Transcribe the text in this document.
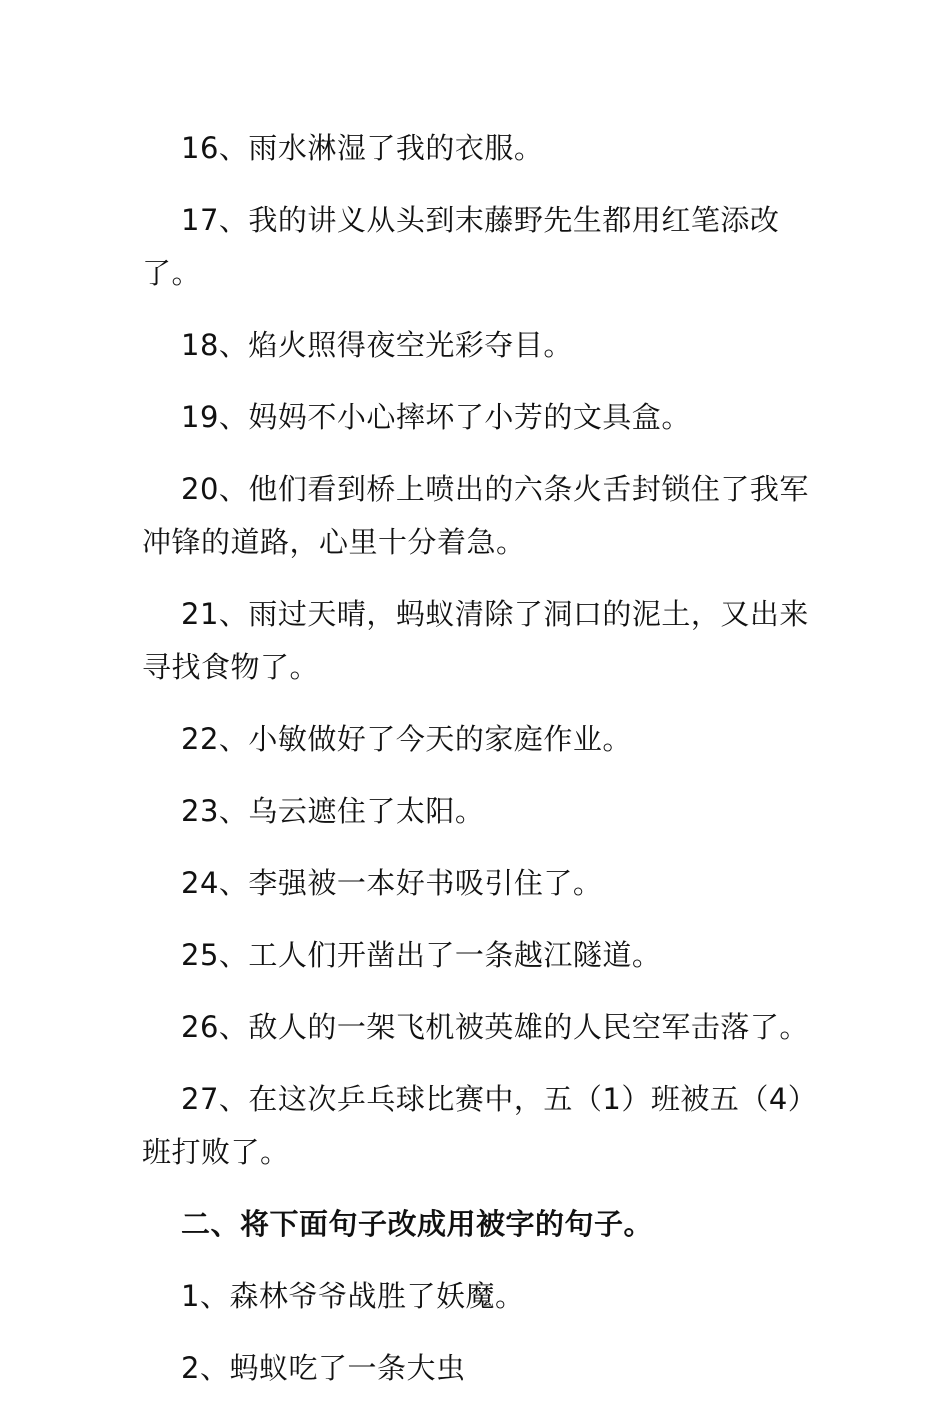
16、雨水淋湿了我的衣服。

17、我的讲义从头到末藤野先生都用红笔添改了。

18、焰火照得夜空光彩夺目。

19、妈妈不小心摔坏了小芳的文具盒。

20、他们看到桥上喷出的六条火舌封锁住了我军冲锋的道路，心里十分着急。

21、雨过天晴，蚂蚁清除了洞口的泥土，又出来寻找食物了。

22、小敏做好了今天的家庭作业。

23、乌云遮住了太阳。

24、李强被一本好书吸引住了。

25、工人们开凿出了一条越江隧道。

26、敌人的一架飞机被英雄的人民空军击落了。

27、在这次乒乓球比赛中，五（1）班被五（4）班打败了。

二、将下面句子改成用被字的句子。

1、森林爷爷战胜了妖魔。

2、蚂蚁吃了一条大虫
